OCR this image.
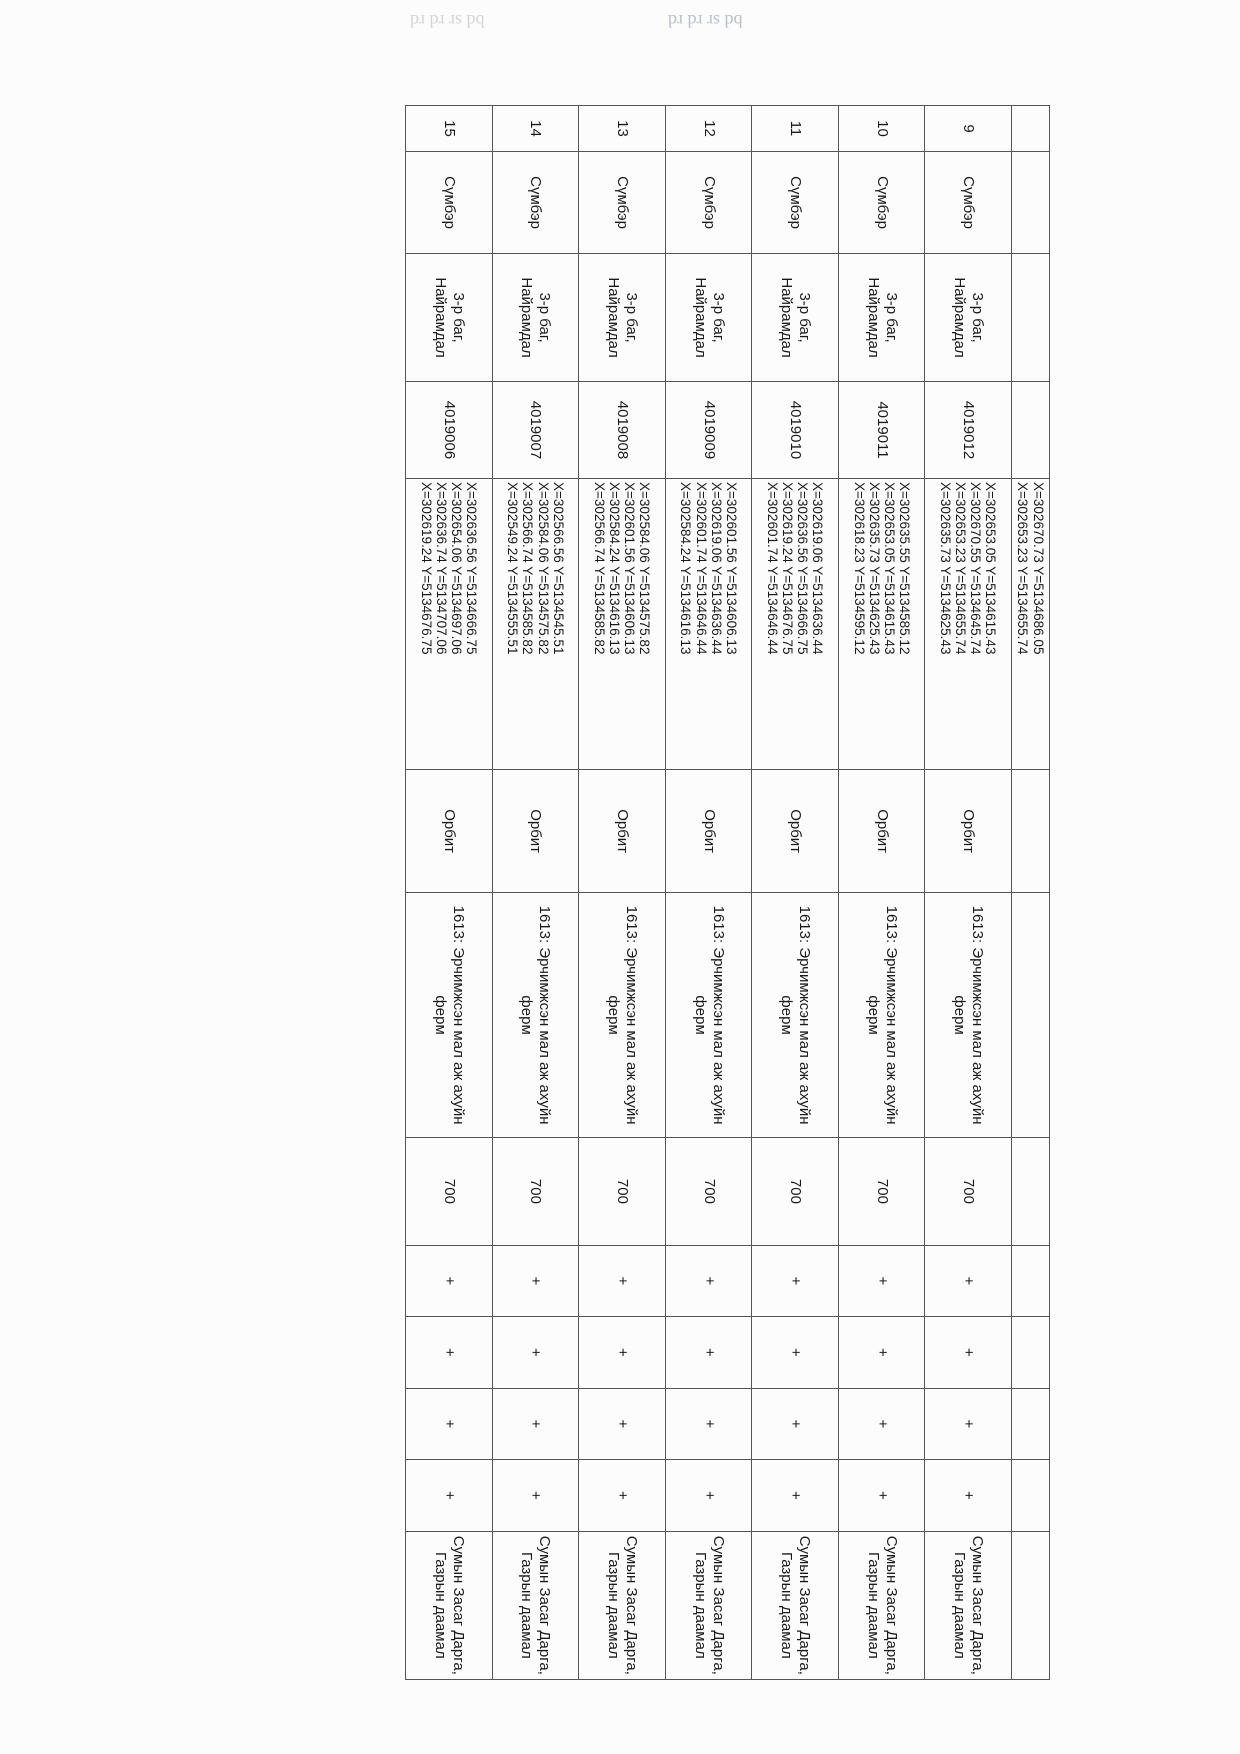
bd sr rd rd	bd sr rd rd

				X=302670.73 Y=5134686.05
X=302653.23 Y=5134655.74								

9	Сүмбэр	3-р баг, Найрамдал	4019012	X=302653.05 Y=5134615.43
X=302670.55 Y=5134645.74
X=302653.23 Y=5134655.74
X=302635.73 Y=5134625.43	Орбит	1613: Эрчимжсэн мал аж ахуйн ферм	700	+	+	+	+	Сумын Засаг Дарга, Газрын даамал
10	Сүмбэр	3-р баг, Найрамдал	4019011	X=302635.55 Y=5134585.12
X=302653.05 Y=5134615.43
X=302635.73 Y=5134625.43
X=302618.23 Y=5134595.12	Орбит	1613: Эрчимжсэн мал аж ахуйн ферм	700	+	+	+	+	Сумын Засаг Дарга, Газрын даамал
11	Сүмбэр	3-р баг, Найрамдал	4019010	X=302619.06 Y=5134636.44
X=302636.56 Y=5134666.75
X=302619.24 Y=5134676.75
X=302601.74 Y=5134646.44	Орбит	1613: Эрчимжсэн мал аж ахуйн ферм	700	+	+	+	+	Сумын Засаг Дарга, Газрын даамал
12	Сүмбэр	3-р баг, Найрамдал	4019009	X=302601.56 Y=5134606.13
X=302619.06 Y=5134636.44
X=302601.74 Y=5134646.44
X=302584.24 Y=5134616.13	Орбит	1613: Эрчимжсэн мал аж ахуйн ферм	700	+	+	+	+	Сумын Засаг Дарга, Газрын даамал
13	Сүмбэр	3-р баг, Найрамдал	4019008	X=302584.06 Y=5134575.82
X=302601.56 Y=5134606.13
X=302584.24 Y=5134616.13
X=302566.74 Y=5134585.82	Орбит	1613: Эрчимжсэн мал аж ахуйн ферм	700	+	+	+	+	Сумын Засаг Дарга, Газрын даамал
14	Сүмбэр	3-р баг, Найрамдал	4019007	X=302566.56 Y=5134545.51
X=302584.06 Y=5134575.82
X=302566.74 Y=5134585.82
X=302549.24 Y=5134555.51	Орбит	1613: Эрчимжсэн мал аж ахуйн ферм	700	+	+	+	+	Сумын Засаг Дарга, Газрын даамал
15	Сүмбэр	3-р баг, Найрамдал	4019006	X=302636.56 Y=5134666.75
X=302654.06 Y=5134697.06
X=302636.74 Y=5134707.06
X=302619.24 Y=5134676.75	Орбит	1613: Эрчимжсэн мал аж ахуйн ферм	700	+	+	+	+	Сумын Засаг Дарга, Газрын даамал
